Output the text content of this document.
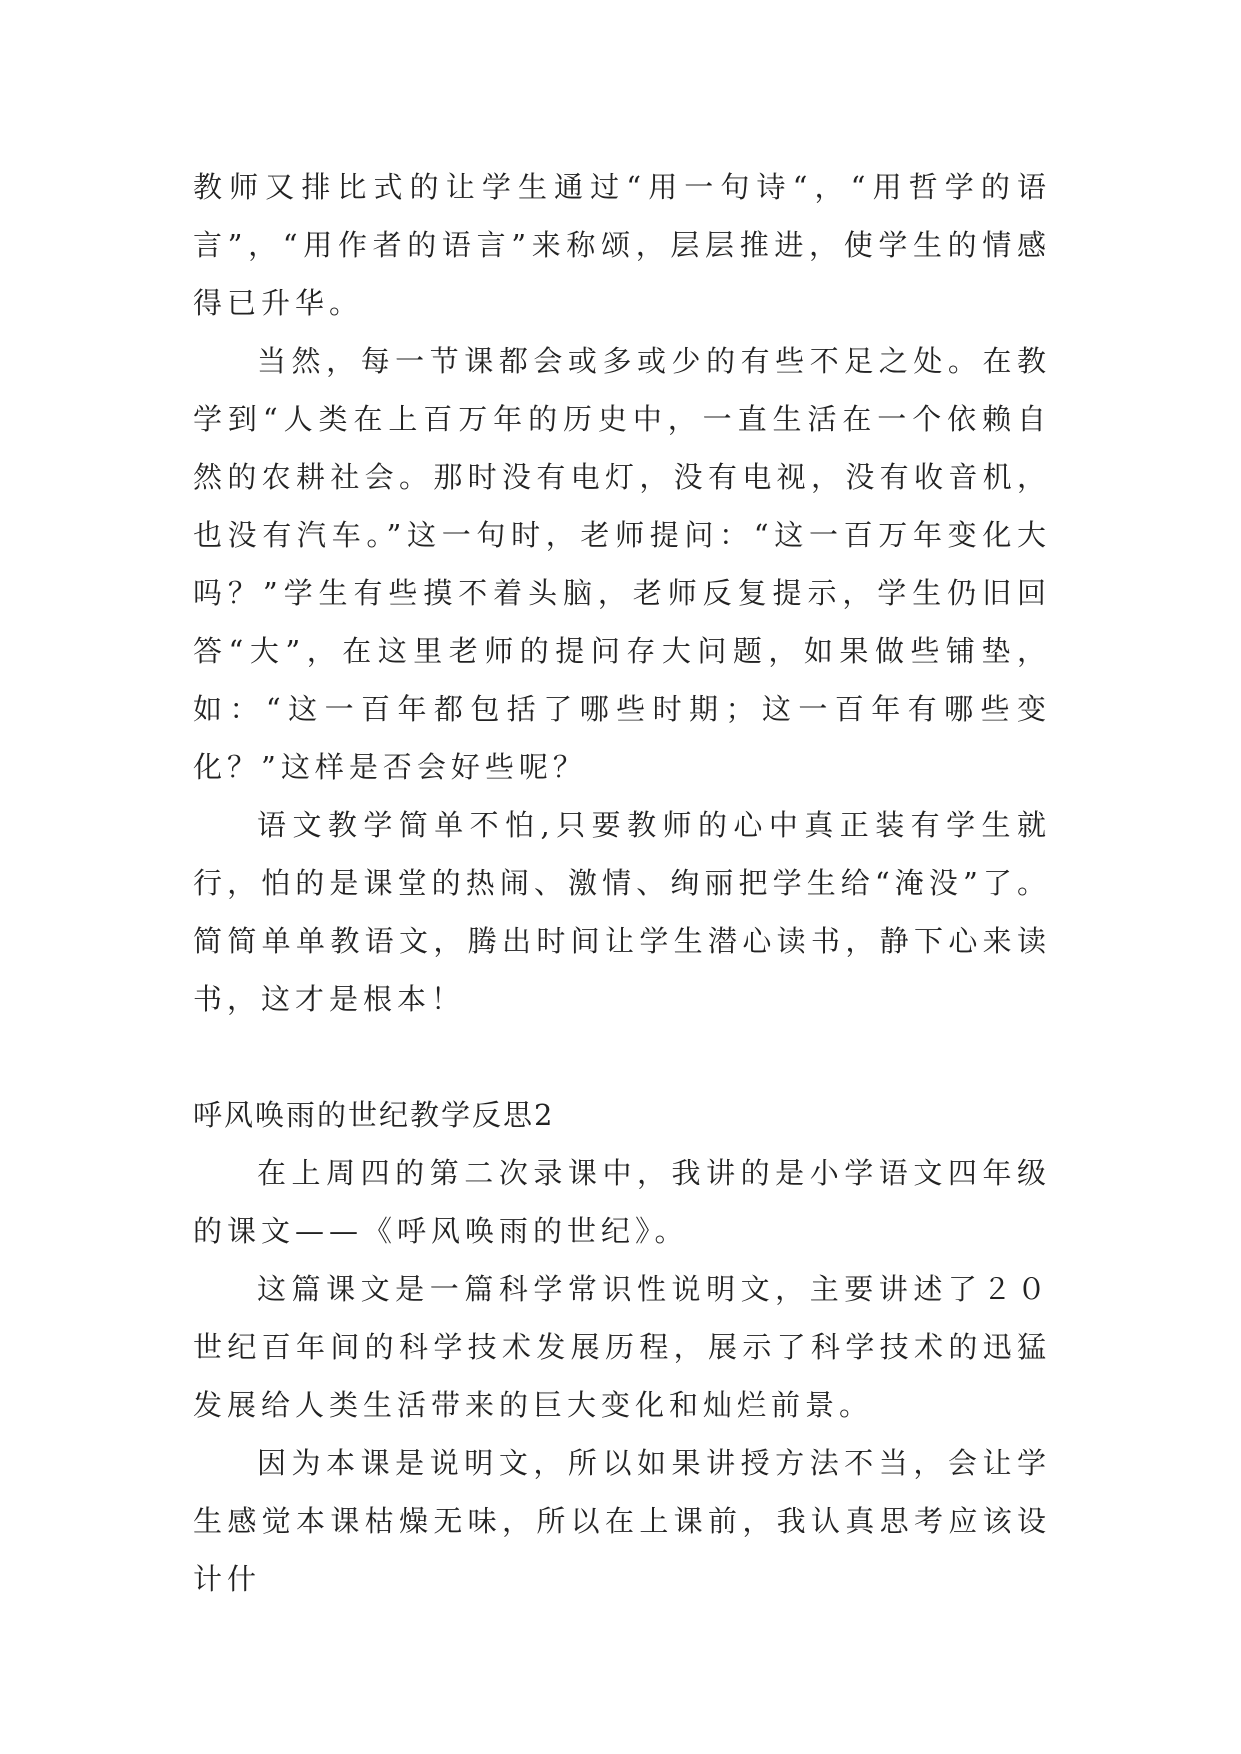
教师又排比式的让学生通过“用一句诗“，“用哲学的语言”，“用作者的语言”来称颂，层层推进，使学生的情感得已升华。

当然，每一节课都会或多或少的有些不足之处。在教学到“人类在上百万年的历史中，一直生活在一个依赖自然的农耕社会。那时没有电灯，没有电视，没有收音机，也没有汽车。”这一句时，老师提问：“这一百万年变化大吗？”学生有些摸不着头脑，老师反复提示，学生仍旧回答“大”，在这里老师的提问存大问题，如果做些铺垫，如：“这一百年都包括了哪些时期；这一百年有哪些变化？”这样是否会好些呢？

语文教学简单不怕,只要教师的心中真正装有学生就行，怕的是课堂的热闹、激情、绚丽把学生给“淹没”了。简简单单教语文，腾出时间让学生潜心读书，静下心来读书，这才是根本！

呼风唤雨的世纪教学反思2

在上周四的第二次录课中，我讲的是小学语文四年级的课文——《呼风唤雨的世纪》。

这篇课文是一篇科学常识性说明文，主要讲述了２０世纪百年间的科学技术发展历程，展示了科学技术的迅猛发展给人类生活带来的巨大变化和灿烂前景。

因为本课是说明文，所以如果讲授方法不当，会让学生感觉本课枯燥无味，所以在上课前，我认真思考应该设计什
